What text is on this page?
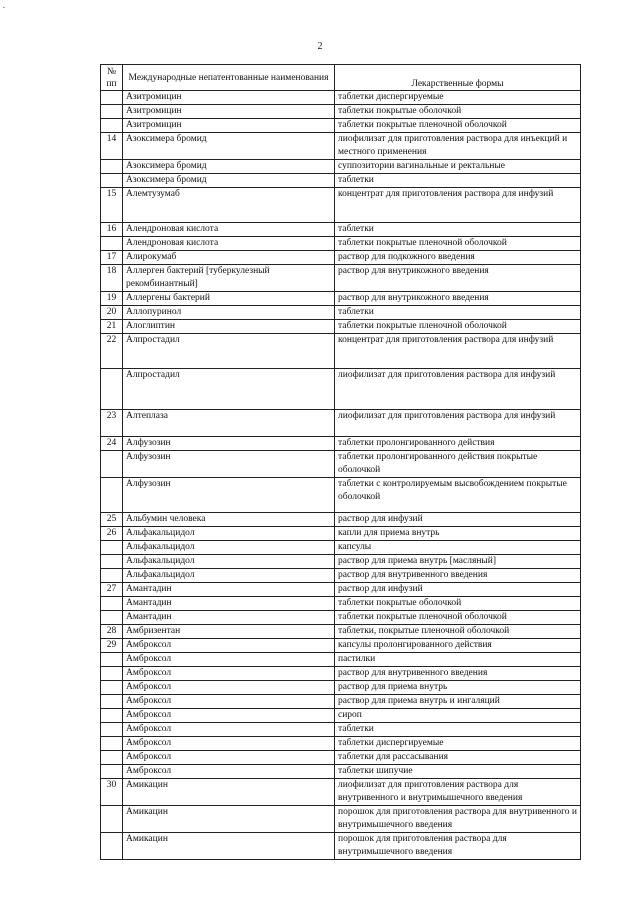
·
2
№
пп	Международные непатентованные наименования	Лекарственные формы
	Азитромицин	таблетки диспергируемые
	Азитромицин	таблетки покрытые оболочкой
	Азитромицин	таблетки покрытые пленочной оболочкой
14	Азоксимера бромид	лиофилизат для приготовления раствора для инъекций и местного применения
	Азоксимера бромид	суппозитории вагинальные и ректальные
	Азоксимера бромид	таблетки
15	Алемтузумаб	концентрат для приготовления раствора для инфузий
16	Алендроновая кислота	таблетки
	Алендроновая кислота	таблетки покрытые пленочной оболочкой
17	Алирокумаб	раствор для подкожного введения
18	Аллерген бактерий [туберкулезный рекомбинантный]	раствор для внутрикожного введения
19	Аллергены бактерий	раствор для внутрикожного введения
20	Аллопуринол	таблетки
21	Алоглиптин	таблетки покрытые пленочной оболочкой
22	Алпростадил	концентрат для приготовления раствора для инфузий
	Алпростадил	лиофилизат для приготовления раствора для инфузий
23	Алтеплаза	лиофилизат для приготовления раствора для инфузий
24	Алфузозин	таблетки пролонгированного действия
	Алфузозин	таблетки пролонгированного действия покрытые оболочкой
	Алфузозин	таблетки с контролируемым высвобождением покрытые оболочкой
25	Альбумин человека	раствор для инфузий
26	Альфакальцидол	капли для приема внутрь
	Альфакальцидол	капсулы
	Альфакальцидол	раствор для приема внутрь [масляный]
	Альфакальцидол	раствор для внутривенного введения
27	Амантадин	раствор для инфузий
	Амантадин	таблетки покрытые оболочкой
	Амантадин	таблетки покрытые пленочной оболочкой
28	Амбризентан	таблетки, покрытые пленочной оболочкой
29	Амброксол	капсулы пролонгированного действия
	Амброксол	пастилки
	Амброксол	раствор для внутривенного введения
	Амброксол	раствор для приема внутрь
	Амброксол	раствор для приема внутрь и ингаляций
	Амброксол	сироп
	Амброксол	таблетки
	Амброксол	таблетки диспергируемые
	Амброксол	таблетки для рассасывания
	Амброксол	таблетки шипучие
30	Амикацин	лиофилизат для приготовления раствора для внутривенного и внутримышечного введения
	Амикацин	порошок для приготовления раствора для внутривенного и внутримышечного введения
	Амикацин	порошок для приготовления раствора для внутримышечного введения
